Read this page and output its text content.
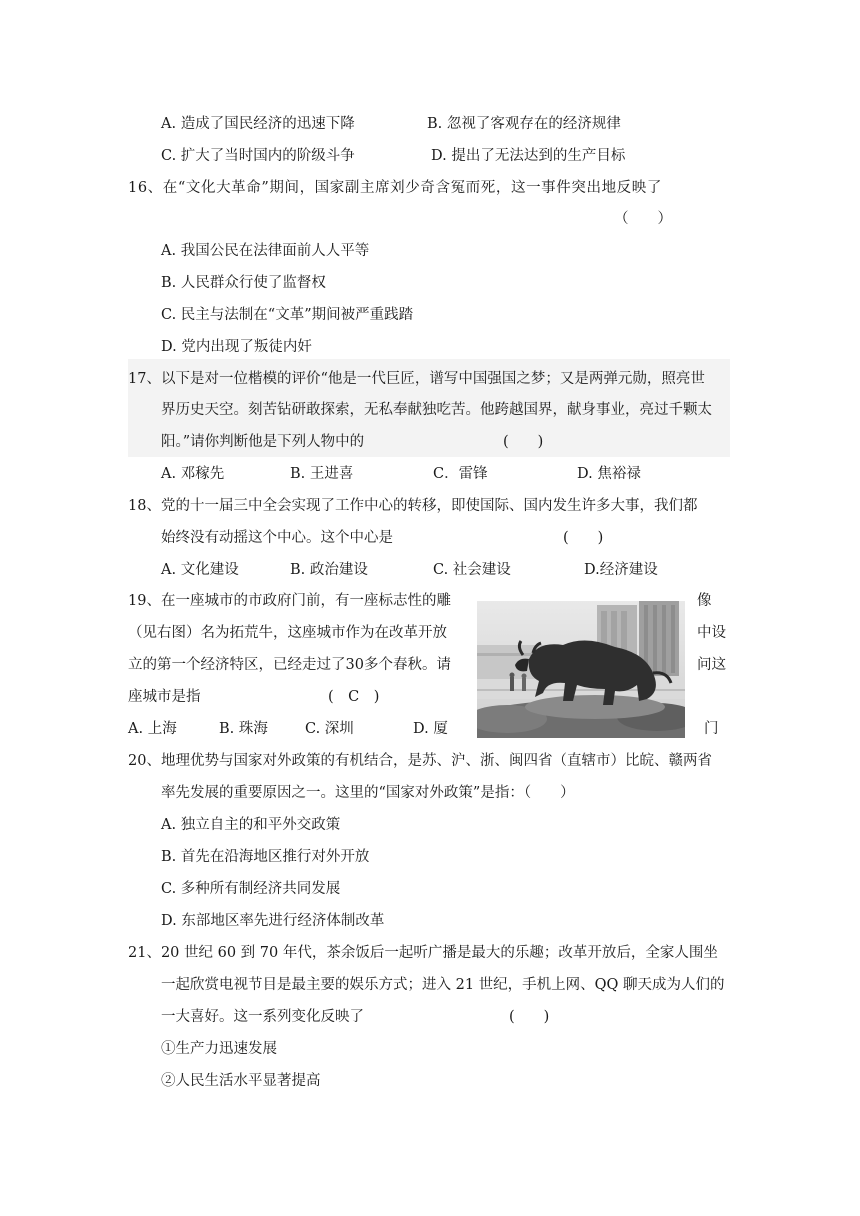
A. 造成了国民经济的迅速下降	B. 忽视了客观存在的经济规律
C. 扩大了当时国内的阶级斗争	D. 提出了无法达到的生产目标
16、在“文化大革命”期间，国家副主席刘少奇含冤而死，这一事件突出地反映了
（　　）
A. 我国公民在法律面前人人平等
B. 人民群众行使了监督权
C. 民主与法制在“文革”期间被严重践踏
D. 党内出现了叛徒内奸
17、以下是对一位楷模的评价“他是一代巨匠，谱写中国强国之梦；又是两弹元勋，照亮世
界历史天空。刻苦钻研敢探索，无私奉献独吃苦。他跨越国界，献身事业，亮过千颗太
阳。”请你判断他是下列人物中的	(　　)
A. 邓稼先	B. 王进喜	C．雷锋	D. 焦裕禄
18、党的十一届三中全会实现了工作中心的转移，即使国际、国内发生许多大事，我们都
始终没有动摇这个中心。这个中心是	(　　)
A. 文化建设	B. 政治建设	C. 社会建设	D.经济建设
19、在一座城市的市政府门前，有一座标志性的雕	像
（见右图）名为拓荒牛，这座城市作为在改革开放	中设
立的第一个经济特区，已经走过了30多个春秋。请	问这
座城市是指	(　C　)
A. 上海	B. 珠海	C. 深圳	D. 厦	门
20、地理优势与国家对外政策的有机结合，是苏、沪、浙、闽四省（直辖市）比皖、赣两省
率先发展的重要原因之一。这里的“国家对外政策”是指：（　　）
A. 独立自主的和平外交政策
B. 首先在沿海地区推行对外开放
C. 多种所有制经济共同发展
D. 东部地区率先进行经济体制改革
21、20 世纪 60 到 70 年代，茶余饭后一起听广播是最大的乐趣；改革开放后，全家人围坐
一起欣赏电视节目是最主要的娱乐方式；进入 21 世纪，手机上网、QQ 聊天成为人们的
一大喜好。这一系列变化反映了	(　　)
①生产力迅速发展
②人民生活水平显著提高
